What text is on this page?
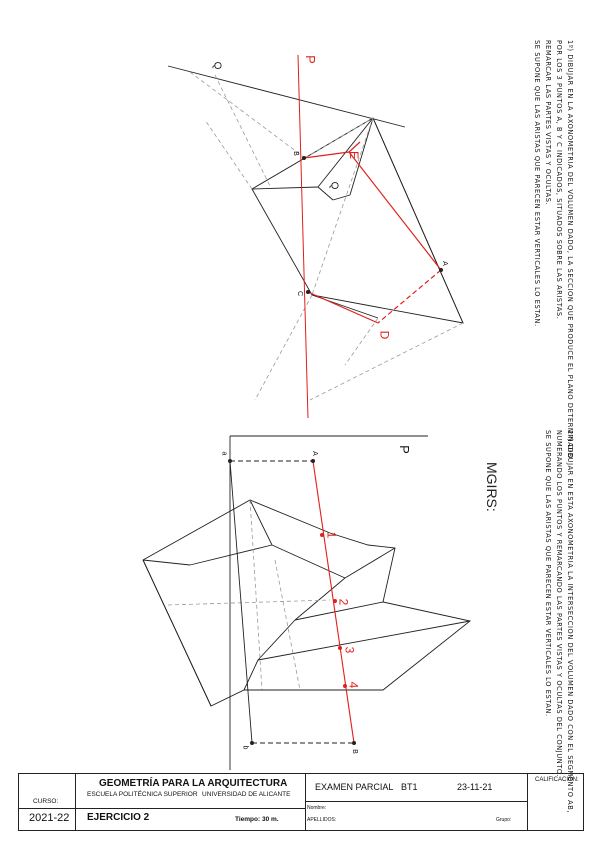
P
Q
Q
B
C
A
E
D
P
a	A
b
B
1
2
3
4
MGIRS:
1º) DIBUJAR EN LA AXONOMETRIA DEL VOLUMEN DADO, LA SECCION QUE PRODUCE EL PLANO DETERMINADO
POR LOS 3 PUNTOS A, B Y C INDICADOS, SITUADOS SOBRE LAS ARISTAS.
REMARCAR LAS PARTES VISTAS Y OCULTAS.
SE SUPONE QUE LAS ARISTAS QUE PARECEN ESTAR VERTICALES LO ESTAN.
2º) DIBUJAR EN ESTA AXONOMETRIA LA INTERSECCION DEL VOLUMEN DADO CON EL SEGMENTO AB,
NUMERANDO LOS PUNTOS Y REMARCANDO LAS PARTES VISTAS Y OCULTAS DEL CONJUNTO.
SE SUPONE QUE LAS ARISTAS QUE PARECEN ESTAR VERTICALES LO ESTAN.
CURSO:
2021-22
GEOMETRÍA PARA LA ARQUITECTURA
ESCUELA POLITÉCNICA SUPERIOR UNIVERSIDAD DE ALICANTE
EJERCICIO 2	Tiempo: 30 m.
EXAMEN PARCIAL BT1	23-11-21
Nombre:
APELLIDOS:	Grupo:
CALIFICACIÓN:
